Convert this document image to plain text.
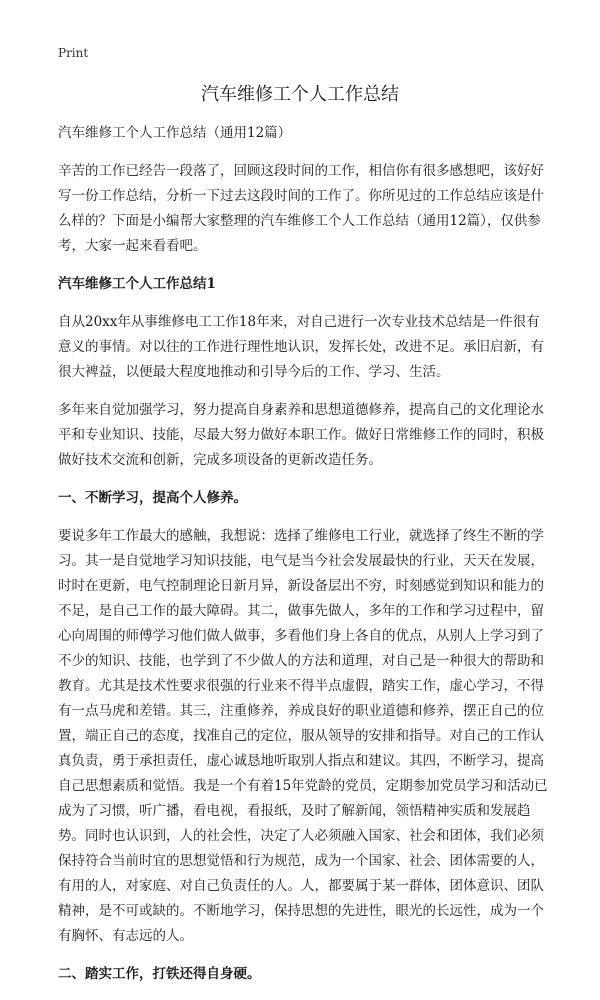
Print
汽车维修工个人工作总结

汽车维修工个人工作总结（通用12篇）

辛苦的工作已经告一段落了，回顾这段时间的工作，相信你有很多感想吧，该好好写一份工作总结，分析一下过去这段时间的工作了。你所见过的工作总结应该是什么样的？下面是小编帮大家整理的汽车维修工个人工作总结（通用12篇），仅供参考，大家一起来看看吧。

汽车维修工个人工作总结1

自从20xx年从事维修电工工作18年来，对自己进行一次专业技术总结是一件很有意义的事情。对以往的工作进行理性地认识，发挥长处，改进不足。承旧启新，有很大裨益，以便最大程度地推动和引导今后的工作、学习、生活。

多年来自觉加强学习，努力提高自身素养和思想道德修养，提高自己的文化理论水平和专业知识、技能，尽最大努力做好本职工作。做好日常维修工作的同时，积极做好技术交流和创新，完成多项设备的更新改造任务。

一、不断学习，提高个人修养。

要说多年工作最大的感触，我想说：选择了维修电工行业，就选择了终生不断的学习。其一是自觉地学习知识技能，电气是当今社会发展最快的行业，天天在发展，时时在更新，电气控制理论日新月异，新设备层出不穷，时刻感觉到知识和能力的不足，是自己工作的最大障碍。其二，做事先做人，多年的工作和学习过程中，留心向周围的师傅学习他们做人做事，多看他们身上各自的优点，从别人上学习到了不少的知识、技能，也学到了不少做人的方法和道理，对自己是一种很大的帮助和教育。尤其是技术性要求很强的行业来不得半点虚假，踏实工作，虚心学习，不得有一点马虎和差错。其三，注重修养，养成良好的职业道德和修养，摆正自己的位置，端正自己的态度，找准自己的定位，服从领导的安排和指导。对自己的工作认真负责，勇于承担责任，虚心诚恳地听取别人指点和建议。其四，不断学习，提高自己思想素质和觉悟。我是一个有着15年党龄的党员，定期参加党员学习和活动已成为了习惯，听广播，看电视，看报纸，及时了解新闻，领悟精神实质和发展趋势。同时也认识到，人的社会性，决定了人必须融入国家、社会和团体，我们必须保持符合当前时宜的思想觉悟和行为规范，成为一个国家、社会、团体需要的人，有用的人，对家庭、对自己负责任的人。人，都要属于某一群体，团体意识、团队精神，是不可或缺的。不断地学习，保持思想的先进性，眼光的长远性，成为一个有胸怀、有志远的人。

二、踏实工作，打铁还得自身硬。
